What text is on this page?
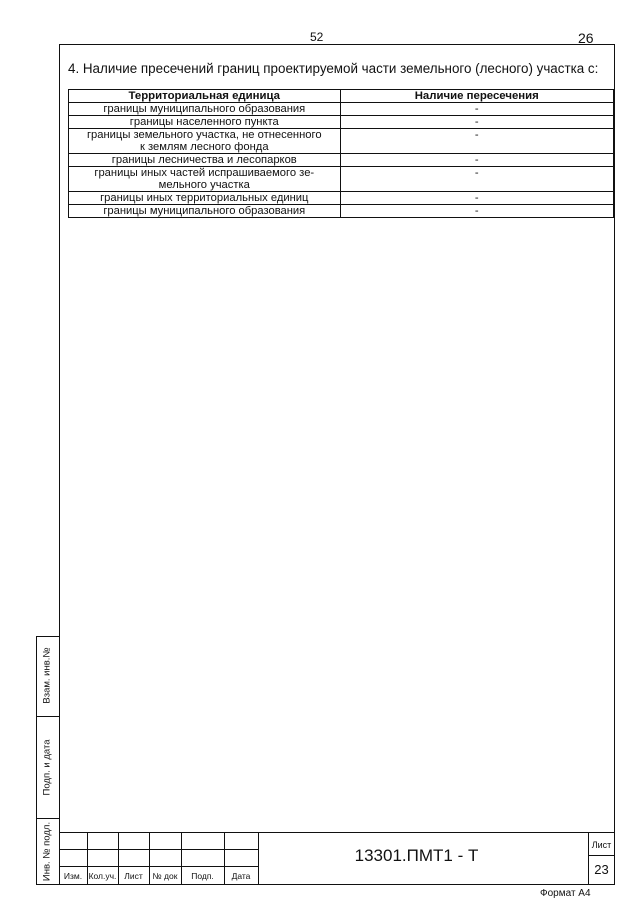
52	26
4. Наличие пресечений границ проектируемой части земельного (лесного) участка с:
Территориальная единица	Наличие пересечения
границы муниципального образования	-
границы населенного пункта	-
границы земельного участка, не отнесенного
к землям лесного фонда	-
границы лесничества и лесопарков	-
границы иных частей испрашиваемого зе-
мельного участка	-
границы иных территориальных единиц	-
границы муниципального образования	-
Взам. инв.№
Подп. и дата
Инв. № подл.	Изм. Кол.уч. Лист	№ док	Подп.	Дата
13301.ПМТ1 - Т
Лист
23
Формат А4
